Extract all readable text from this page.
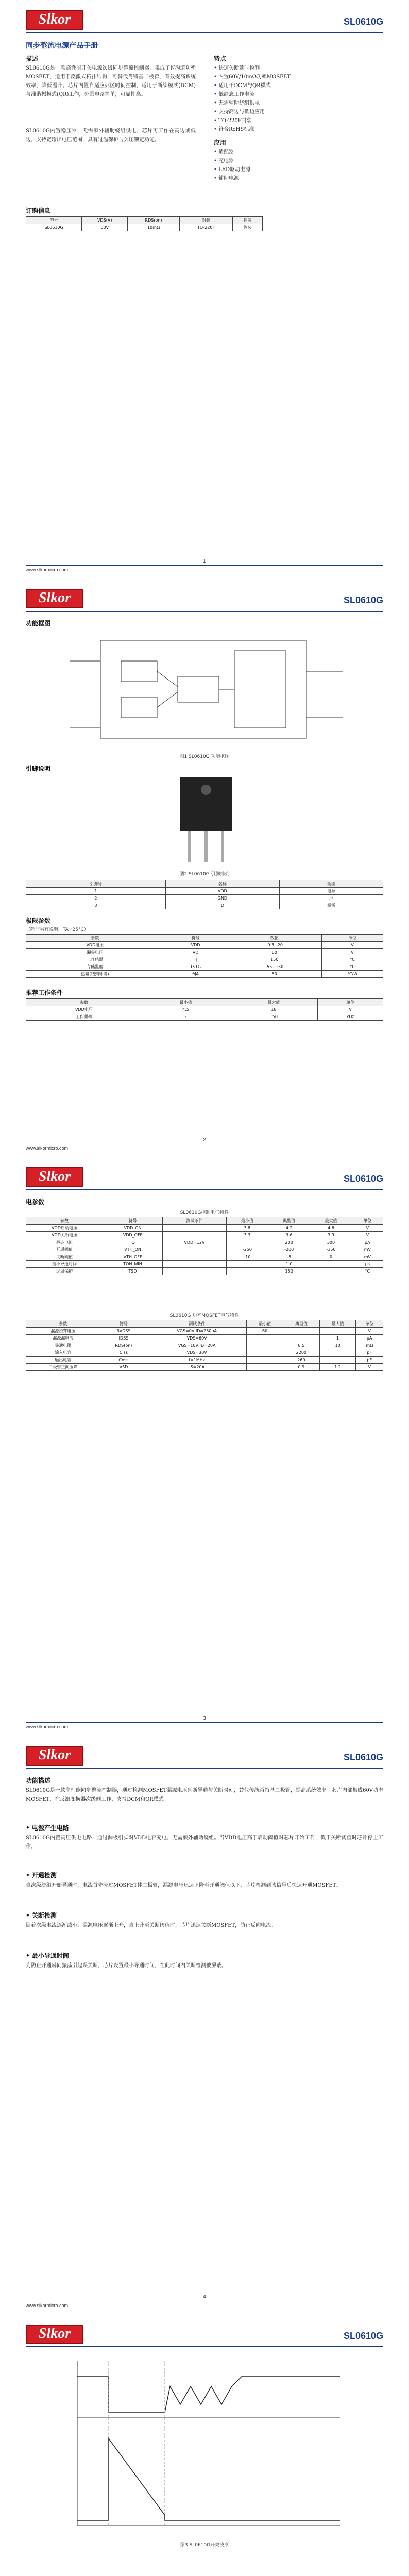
Slkor	SL0610G
同步整流电源产品手册
描述
SL0610G是一款高性能开关电源次级同步整流控制器，集成了N沟道功率MOSFET，适用于反激式拓扑结构，可替代肖特基二极管，有效提高系统效率，降低温升。芯片内置自适应死区时间控制，适用于断续模式(DCM)与准谐振模式(QR)工作，外围电路简单，可靠性高。
SL0610G内置稳压器，无需额外辅助绕组供电，芯片可工作在高边或低边，支持宽输出电压范围，具有过温保护与欠压锁定功能。
特点
• 快速关断延时检测
• 内置60V/10mΩ功率MOSFET
• 适用于DCM与QR模式
• 低静态工作电流
• 无需辅助绕组供电
• 支持高边与低边应用
• TO-220F封装
• 符合RoHS标准
应用
• 适配器
• 充电器
• LED驱动电源
• 辅助电源
订购信息
型号	VDS(V)	RDS(on)	封装	包装
SL0610G	60V	10mΩ	TO-220F	管装
1
www.slkormicro.com
Slkor	SL0610G
功能框图
图1 SL0610G 功能框图
引脚说明
图2 SL0610G 引脚排列
引脚号	名称	功能
1	VDD	电源
2	GND	地
3	D	漏极
极限参数
（除非另有说明，TA=25°C）
参数	符号	数值	单位
VDD电压	VDD	-0.3~20	V
漏极电压	VD	60	V
工作结温	TJ	150	°C
存储温度	TSTG	-55~150	°C
热阻(结到环境)	θJA	50	°C/W
推荐工作条件
参数	最小值	最大值	单位
VDD电压	4.5	18	V
工作频率	-	150	kHz
2
www.slkormicro.com
Slkor	SL0610G
电参数
SL0610G控制电气特性
参数	符号	测试条件	最小值	典型值	最大值	单位
VDD启动电压	VDD_ON		3.8	4.2	4.6	V
VDD关断电压	VDD_OFF		3.3	3.6	3.9	V
静态电流	IQ	VDD=12V		200	300	μA
开通阈值	VTH_ON		-250	-200	-150	mV
关断阈值	VTH_OFF		-10	-5	0	mV
最小导通时间	TON_MIN			1.0		μs
过温保护	TSD			150		°C
SL0610G 功率MOSFET电气特性
参数	符号	测试条件	最小值	典型值	最大值	单位
漏源击穿电压	BVDSS	VGS=0V,ID=250μA	60			V
漏源漏电流	IDSS	VDS=60V			1	μA
导通电阻	RDS(on)	VGS=10V,ID=20A		8.5	10	mΩ
输入电容	Ciss	VDS=30V		2200		pF
输出电容	Coss	f=1MHz		260		pF
二极管正向压降	VSD	IS=20A		0.9	1.2	V
3
www.slkormicro.com
Slkor	SL0610G
功能描述
SL0610G是一款高性能同步整流控制器，通过检测MOSFET漏源电压判断导通与关断时刻，替代传统肖特基二极管，提高系统效率。芯片内部集成60V功率MOSFET，在反激变换器次级侧工作，支持DCM和QR模式。
• 电源产生电路
SL0610G内置高压供电电路，通过漏极引脚对VDD电容充电，无需额外辅助绕组。当VDD电压高于启动阈值时芯片开始工作，低于关断阈值时芯片停止工作。
• 开通检测
当次级绕组开始导通时，电流首先流过MOSFET体二极管，漏源电压迅速下降至开通阈值以下，芯片检测到该信号后快速开通MOSFET。
• 关断检测
随着次级电流逐渐减小，漏源电压逐渐上升，当上升至关断阈值时，芯片迅速关断MOSFET，防止反向电流。
• 最小导通时间
为防止开通瞬间振荡引起误关断，芯片设置最小导通时间，在此时间内关断检测被屏蔽。
4
www.slkormicro.com
Slkor	SL0610G
图3 SL0610G开关波形
